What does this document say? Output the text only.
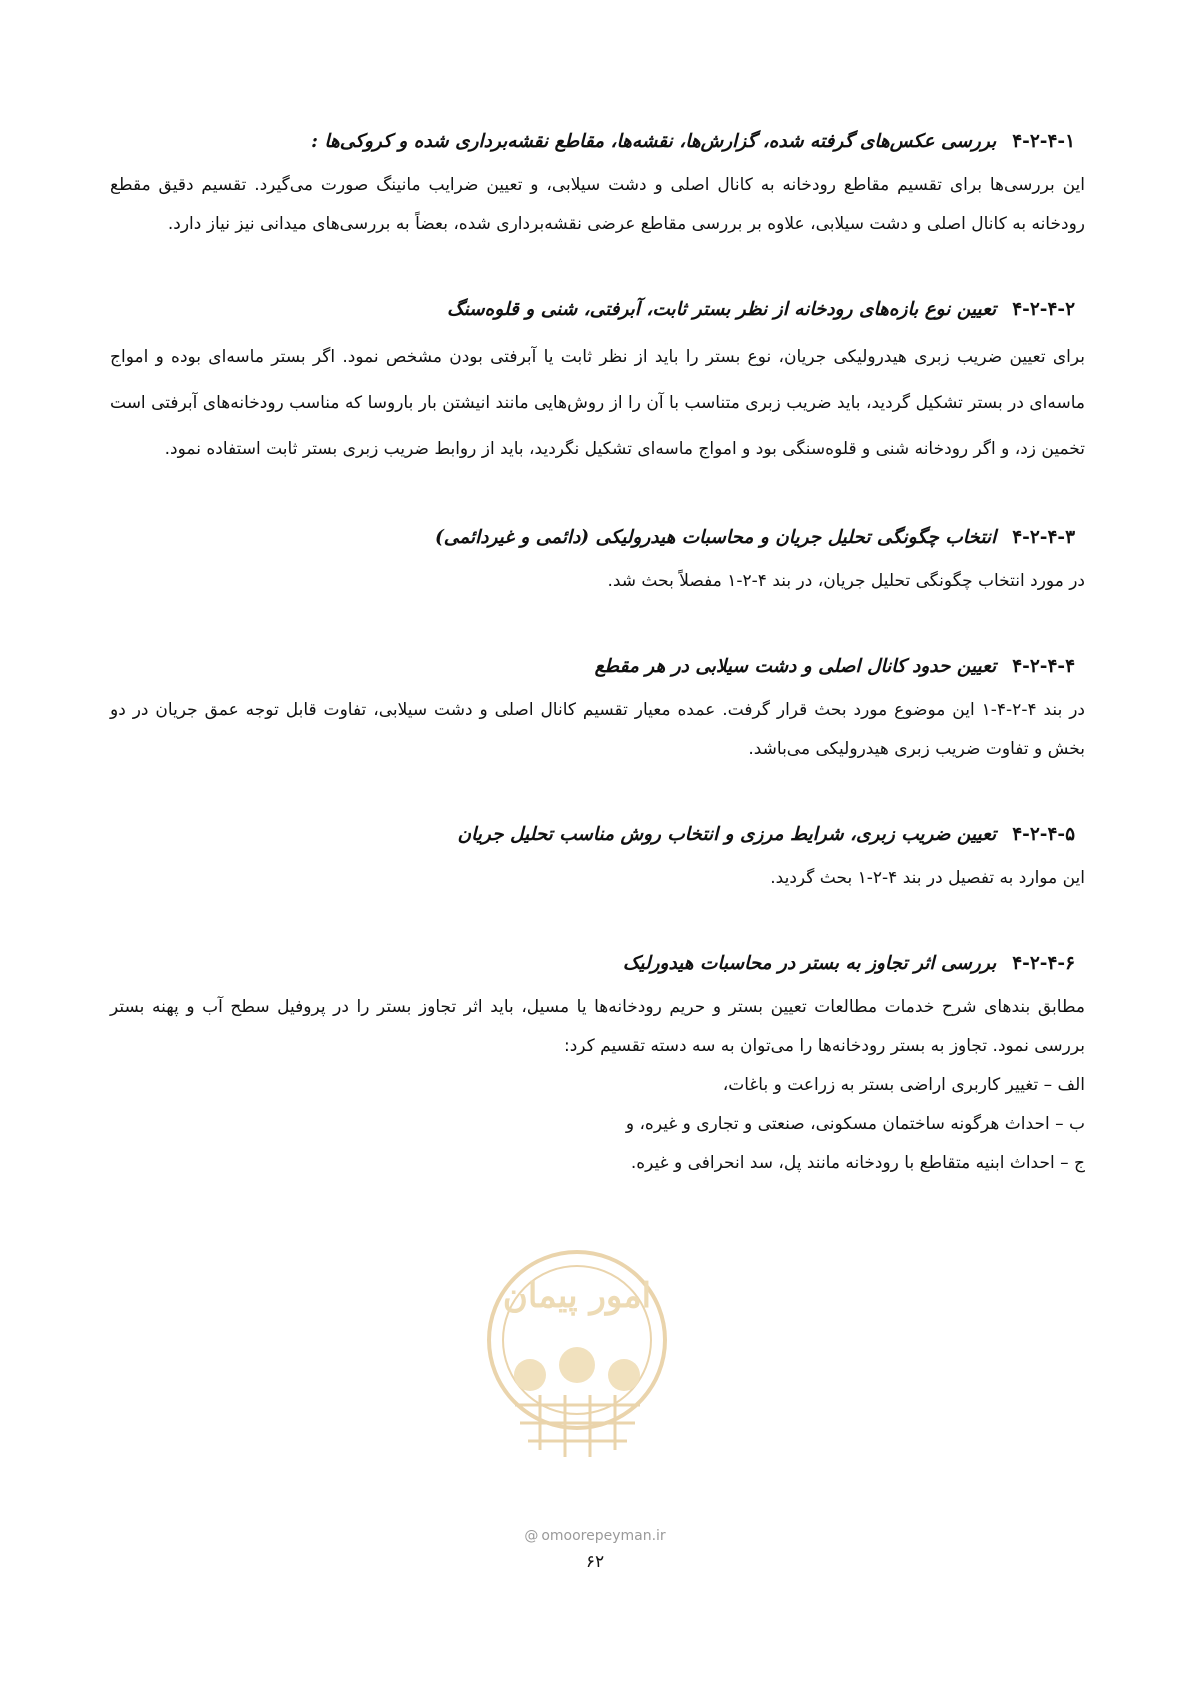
۴-۲-۴-۱بررسی عکس‌های گرفته شده، گزارش‌ها، نقشه‌ها، مقاطع نقشه‌برداری شده و کروکی‌ها :

این بررسی‌ها برای تقسیم مقاطع رودخانه به کانال اصلی و دشت سیلابی، و تعیین ضرایب مانینگ صورت می‌گیرد. تقسیم دقیق مقطع رودخانه به کانال اصلی و دشت سیلابی، علاوه بر بررسی مقاطع عرضی نقشه‌برداری شده، بعضاً به بررسی‌های میدانی نیز نیاز دارد.

۴-۲-۴-۲تعیین نوع بازه‌های رودخانه از نظر بستر ثابت، آبرفتی، شنی و قلوه‌سنگ

برای تعیین ضریب زبری هیدرولیکی جریان، نوع بستر را باید از نظر ثابت یا آبرفتی بودن مشخص نمود. اگر بستر ماسه‌ای بوده و امواج ماسه‌ای در بستر تشکیل گردید، باید ضریب زبری متناسب با آن را از روش‌هایی مانند انیشتن بار باروسا که مناسب رودخانه‌های آبرفتی است تخمین زد، و اگر رودخانه شنی و قلوه‌سنگی بود و امواج ماسه‌ای تشکیل نگردید، باید از روابط ضریب زبری بستر ثابت استفاده نمود.

۴-۲-۴-۳انتخاب چگونگی تحلیل جریان و محاسبات هیدرولیکی (دائمی و غیردائمی)

در مورد انتخاب چگونگی تحلیل جریان، در بند ۴-۲-۱ مفصلاً بحث شد.

۴-۲-۴-۴تعیین حدود کانال اصلی و دشت سیلابی در هر مقطع

در بند ۴-۲-۴-۱ این موضوع مورد بحث قرار گرفت. عمده معیار تقسیم کانال اصلی و دشت سیلابی، تفاوت قابل توجه عمق جریان در دو بخش و تفاوت ضریب زبری هیدرولیکی می‌باشد.

۴-۲-۴-۵تعیین ضریب زبری، شرایط مرزی و انتخاب روش مناسب تحلیل جریان

این موارد به تفصیل در بند ۴-۲-۱ بحث گردید.

۴-۲-۴-۶بررسی اثر تجاوز به بستر در محاسبات هیدورلیک

مطابق بندهای شرح خدمات مطالعات تعیین بستر و حریم رودخانه‌ها یا مسیل، باید اثر تجاوز بستر را در پروفیل سطح آب و پهنه بستر بررسی نمود. تجاوز به بستر رودخانه‌ها را می‌توان به سه دسته تقسیم کرد:

الف – تغییر کاربری اراضی بستر به زراعت و باغات،

ب – احداث هرگونه ساختمان مسکونی، صنعتی و تجاری و غیره، و

ج – احداث ابنیه متقاطع با رودخانه مانند پل، سد انحرافی و غیره.

امور پیمان
@ omoorepeyman.ir
۶۲
